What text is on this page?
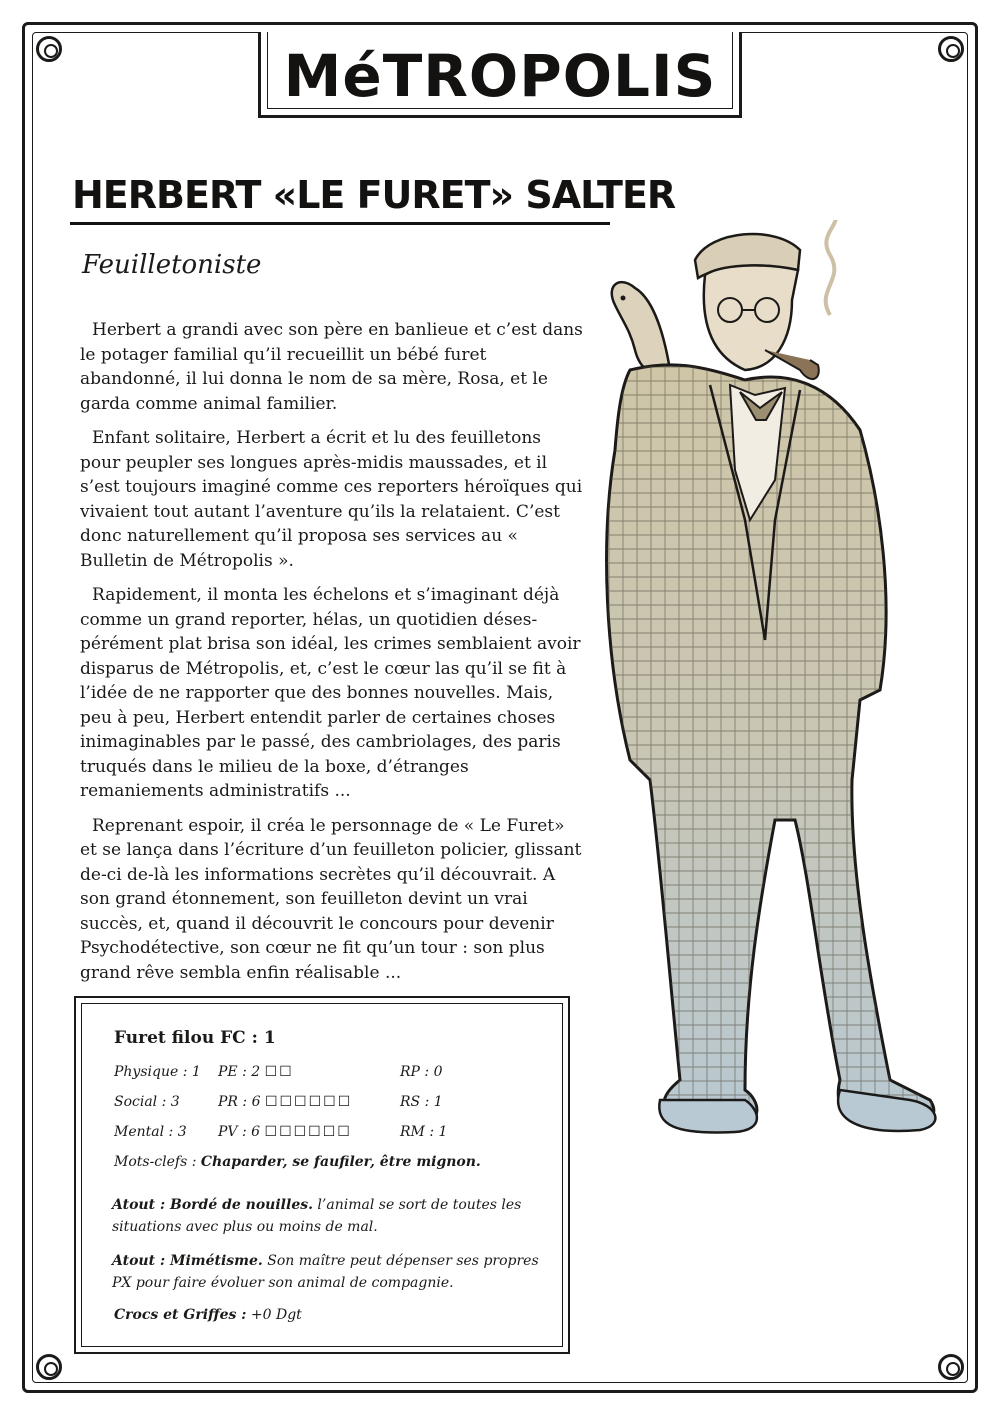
MéTROPOLIS
HERBERT «LE FURET» SALTER
Feuilletoniste

Herbert a grandi avec son père en banlieue et c’est dans le potager familial qu’il recueillit un bébé furet abandonné, il lui donna le nom de sa mère, Rosa, et le garda comme animal familier.

Enfant solitaire, Herbert a écrit et lu des feuilletons pour peupler ses longues après-midis maussades, et il s’est toujours imaginé comme ces reporters héroïques qui vivaient tout autant l’aventure qu’ils la relataient. C’est donc naturellement qu’il proposa ses services au « Bulletin de Métropolis ».

Rapidement, il monta les échelons et s’imaginant déjà comme un grand reporter, hélas, un quotidien déses-pérément plat brisa son idéal, les crimes semblaient avoir disparus de Métropolis, et, c’est le cœur las qu’il se fit à l’idée de ne rapporter que des bonnes nouvelles. Mais, peu à peu, Herbert entendit parler de certaines choses inimaginables par le passé, des cambriolages, des paris truqués dans le milieu de la boxe, d’étranges remaniements administratifs ...

Reprenant espoir, il créa le personnage de « Le Furet» et se lança dans l’écriture d’un feuilleton policier, glissant de-ci de-là les informations secrètes qu’il découvrait. A son grand étonnement, son feuilleton devint un vrai succès, et, quand il découvrit le concours pour devenir Psychodétective, son cœur ne fit qu’un tour : son plus grand rêve sembla enfin réalisable ...

Furet filou FC : 1
Physique : 1 PE : 2 ☐☐	RP : 0
Social : 3	PR : 6 ☐☐☐☐☐☐	RS : 1
Mental : 3 PV : 6 ☐☐☐☐☐☐	RM : 1
Mots-clefs : Chaparder, se faufiler, être mignon.
Atout : Bordé de nouilles. l’animal se sort de toutes les situations avec plus ou moins de mal.
Atout : Mimétisme. Son maître peut dépenser ses propres PX pour faire évoluer son animal de compagnie.
Crocs et Griffes : +0 Dgt
